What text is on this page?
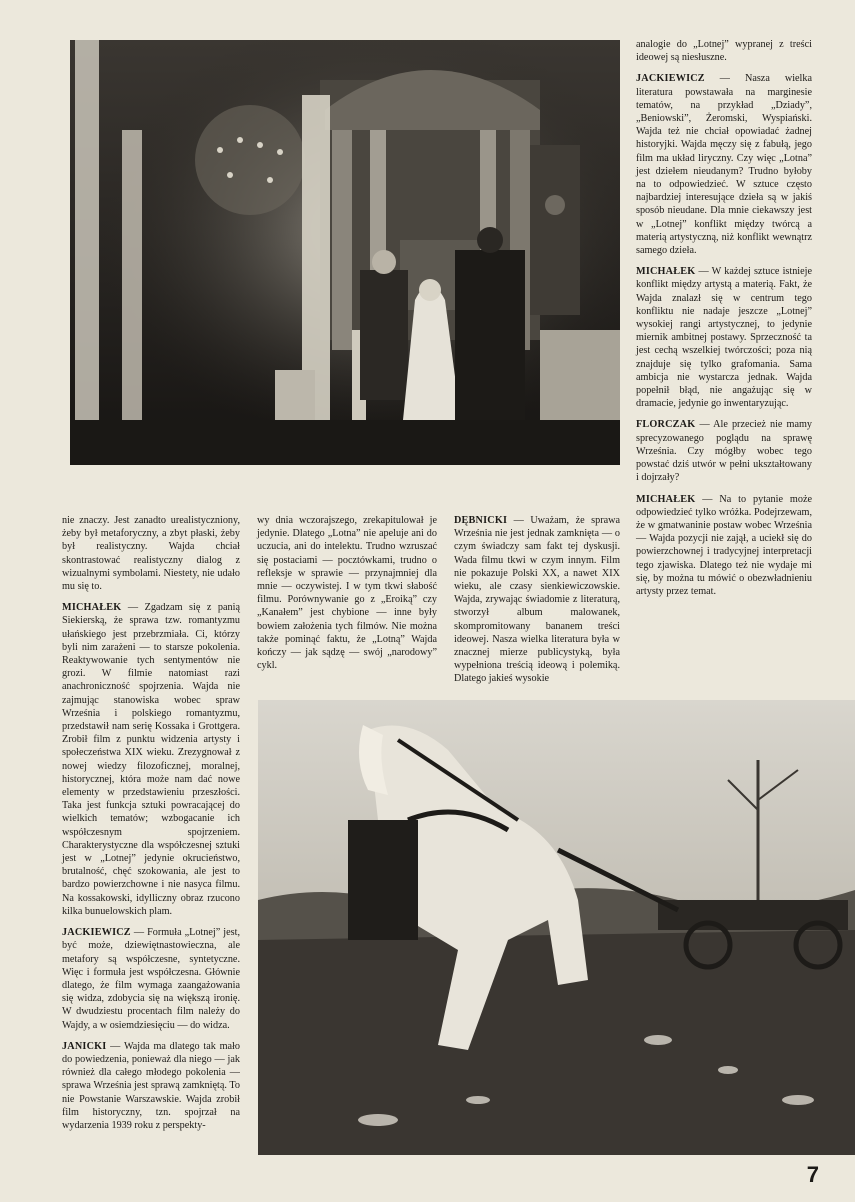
analogie do „Lotnej” wypranej z treści ideowej są niesłuszne.

JACKIEWICZ — Nasza wielka literatura powstawała na marginesie tematów, na przykład „Dziady”, „Beniowski”, Żeromski, Wyspiański. Wajda też nie chciał opowiadać żadnej historyjki. Wajda męczy się z fabułą, jego film ma układ liryczny. Czy więc „Lotna” jest dziełem nieudanym? Trudno byłoby na to odpowiedzieć. W sztuce często najbardziej interesujące dzieła są w jakiś sposób nieudane. Dla mnie ciekawszy jest w „Lotnej” konflikt między twórcą a materią artystyczną, niż konflikt wewnątrz samego dzieła.

MICHAŁEK — W każdej sztuce istnieje konflikt między artystą a materią. Fakt, że Wajda znalazł się w centrum tego konfliktu nie nadaje jeszcze „Lotnej” wysokiej rangi artystycznej, to jedynie miernik ambitnej postawy. Sprzeczność ta jest cechą wszelkiej twórczości; poza nią znajduje się tylko grafomania. Sama ambicja nie wystarcza jednak. Wajda popełnił błąd, nie angażując się w dramacie, jedynie go inwentaryzując.

FLORCZAK — Ale przecież nie mamy sprecyzowanego poglądu na sprawę Września. Czy mógłby wobec tego powstać dziś utwór w pełni ukształtowany i dojrzały?

MICHAŁEK — Na to pytanie może odpowiedzieć tylko wróżka. Podejrzewam, że w gmatwaninie postaw wobec Września — Wajda pozycji nie zajął, a uciekł się do powierzchownej i tradycyjnej interpretacji tego zjawiska. Dlatego też nie wydaje mi się, by można tu mówić o obezwładnieniu artysty przez temat.

nie znaczy. Jest zanadto urealistyczniony, żeby był metaforyczny, a zbyt płaski, żeby był realistyczny. Wajda chciał skontrastować realistyczny dialog z wizualnymi symbolami. Niestety, nie udało mu się to.

MICHAŁEK — Zgadzam się z panią Siekierską, że sprawa tzw. romantyzmu ułańskiego jest przebrzmiała. Ci, którzy byli nim zarażeni — to starsze pokolenia. Reaktywowanie tych sentymentów nie grozi. W filmie natomiast razi anachroniczność spojrzenia. Wajda nie zajmując stanowiska wobec spraw Września i polskiego romantyzmu, przedstawił nam serię Kossaka i Grottgera. Zrobił film z punktu widzenia artysty i społeczeństwa XIX wieku. Zrezygnował z nowej wiedzy filozoficznej, moralnej, historycznej, która może nam dać nowe elementy w przedstawieniu przeszłości. Taka jest funkcja sztuki powracającej do wielkich tematów; wzbogacanie ich współczesnym spojrzeniem. Charakterystyczne dla współczesnej sztuki jest w „Lotnej” jedynie okrucieństwo, brutalność, chęć szokowania, ale jest to bardzo powierzchowne i nie nasyca filmu. Na kossakowski, idylliczny obraz rzucono kilka bunuelowskich plam.

JACKIEWICZ — Formuła „Lotnej” jest, być może, dziewiętnastowieczna, ale metafory są współczesne, syntetyczne. Więc i formuła jest współczesna. Głównie dlatego, że film wymaga zaangażowania się widza, zdobycia się na większą ironię. W dwudziestu procentach film należy do Wajdy, a w osiemdziesięciu — do widza.

JANICKI — Wajda ma dlatego tak mało do powiedzenia, ponieważ dla niego — jak również dla całego młodego pokolenia — sprawa Września jest sprawą zamkniętą. To nie Powstanie Warszawskie. Wajda zrobił film historyczny, tzn. spojrzał na wydarzenia 1939 roku z perspekty-

wy dnia wczorajszego, zrekapitulował je jedynie. Dlatego „Lotna” nie apeluje ani do uczucia, ani do intelektu. Trudno wzruszać się postaciami — pocztówkami, trudno o refleksje w sprawie — przynajmniej dla mnie — oczywistej. I w tym tkwi słabość filmu. Porównywanie go z „Eroiką” czy „Kanałem” jest chybione — inne były bowiem założenia tych filmów. Nie można także pominąć faktu, że „Lotną” Wajda kończy — jak sądzę — swój „narodowy” cykl.

DĘBNICKI — Uważam, że sprawa Września nie jest jednak zamknięta — o czym świadczy sam fakt tej dyskusji. Wada filmu tkwi w czym innym. Film nie pokazuje Polski XX, a nawet XIX wieku, ale czasy sienkiewiczowskie. Wajda, zrywając świadomie z literaturą, stworzył album malowanek, skompromitowany bananem treści ideowej. Nasza wielka literatura była w znacznej mierze publicystyką, była wypełniona treścią ideową i polemiką. Dlatego jakieś wysokie

7
